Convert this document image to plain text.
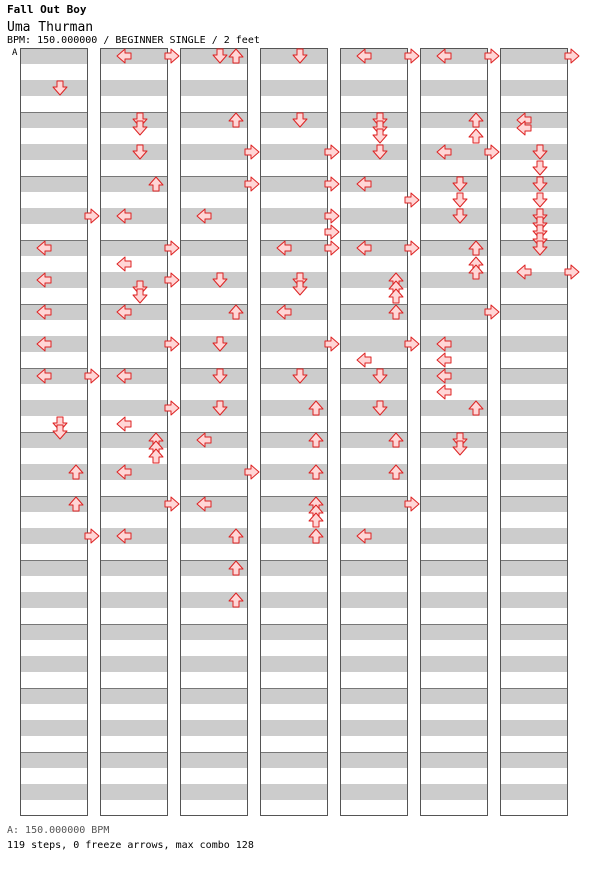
Fall Out Boy
Uma Thurman
BPM: 150.000000 / BEGINNER SINGLE / 2 feet
A
A: 150.000000 BPM
119 steps, 0 freeze arrows, max combo 128
